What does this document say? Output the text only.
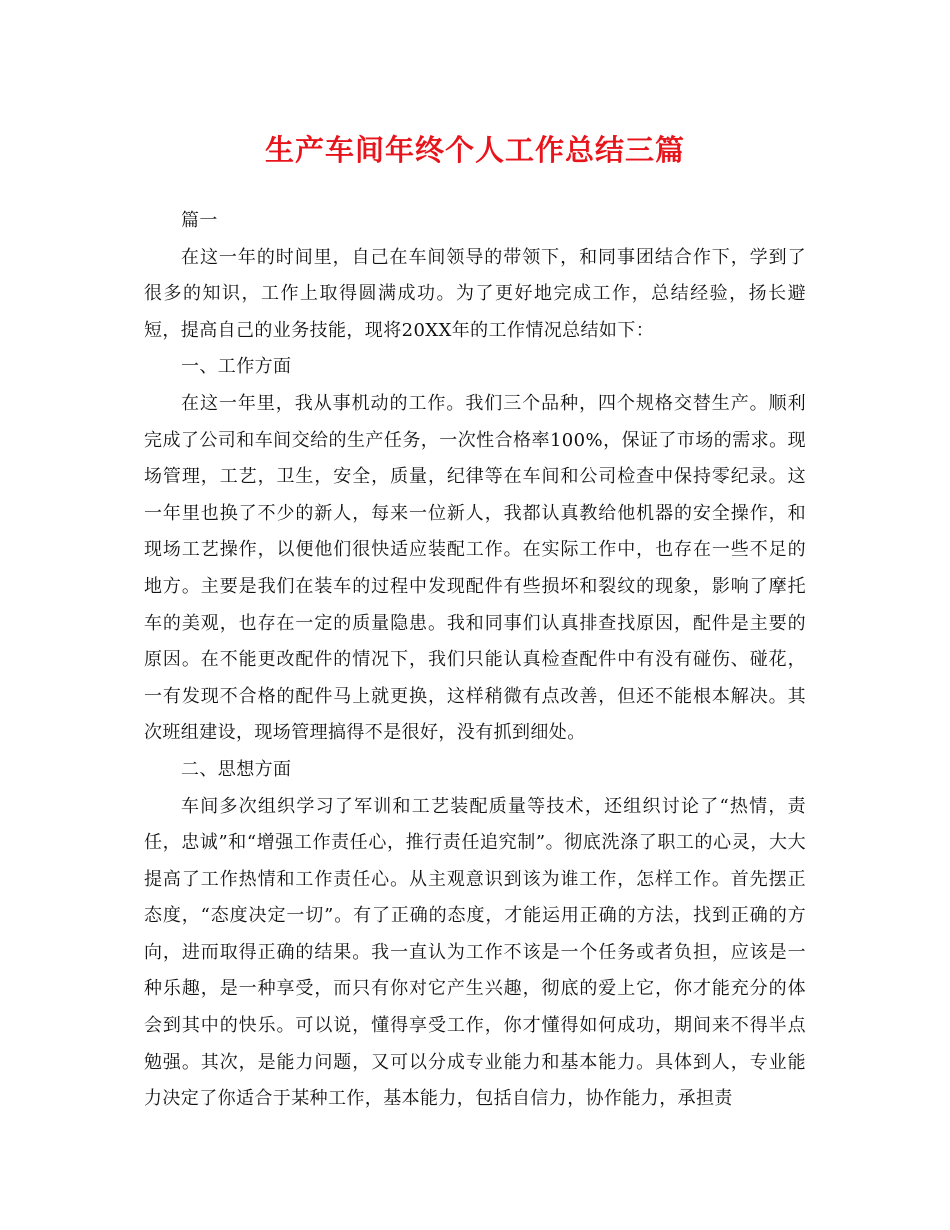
生产车间年终个人工作总结三篇

篇一

在这一年的时间里，自己在车间领导的带领下，和同事团结合作下，学到了很多的知识，工作上取得圆满成功。为了更好地完成工作，总结经验，扬长避短，提高自己的业务技能，现将20XX年的工作情况总结如下：

一、工作方面

在这一年里，我从事机动的工作。我们三个品种，四个规格交替生产。顺利完成了公司和车间交给的生产任务，一次性合格率100%，保证了市场的需求。现场管理，工艺，卫生，安全，质量，纪律等在车间和公司检查中保持零纪录。这一年里也换了不少的新人，每来一位新人，我都认真教给他机器的安全操作，和现场工艺操作，以便他们很快适应装配工作。在实际工作中，也存在一些不足的地方。主要是我们在装车的过程中发现配件有些损坏和裂纹的现象，影响了摩托车的美观，也存在一定的质量隐患。我和同事们认真排查找原因，配件是主要的原因。在不能更改配件的情况下，我们只能认真检查配件中有没有碰伤、碰花，一有发现不合格的配件马上就更换，这样稍微有点改善，但还不能根本解决。其次班组建设，现场管理搞得不是很好，没有抓到细处。

二、思想方面

车间多次组织学习了军训和工艺装配质量等技术，还组织讨论了“热情，责任，忠诚”和“增强工作责任心，推行责任追究制”。彻底洗涤了职工的心灵，大大提高了工作热情和工作责任心。从主观意识到该为谁工作，怎样工作。首先摆正态度，“态度决定一切”。有了正确的态度，才能运用正确的方法，找到正确的方向，进而取得正确的结果。我一直认为工作不该是一个任务或者负担，应该是一种乐趣，是一种享受，而只有你对它产生兴趣，彻底的爱上它，你才能充分的体会到其中的快乐。可以说，懂得享受工作，你才懂得如何成功，期间来不得半点勉强。其次，是能力问题，又可以分成专业能力和基本能力。具体到人，专业能力决定了你适合于某种工作，基本能力，包括自信力，协作能力，承担责
